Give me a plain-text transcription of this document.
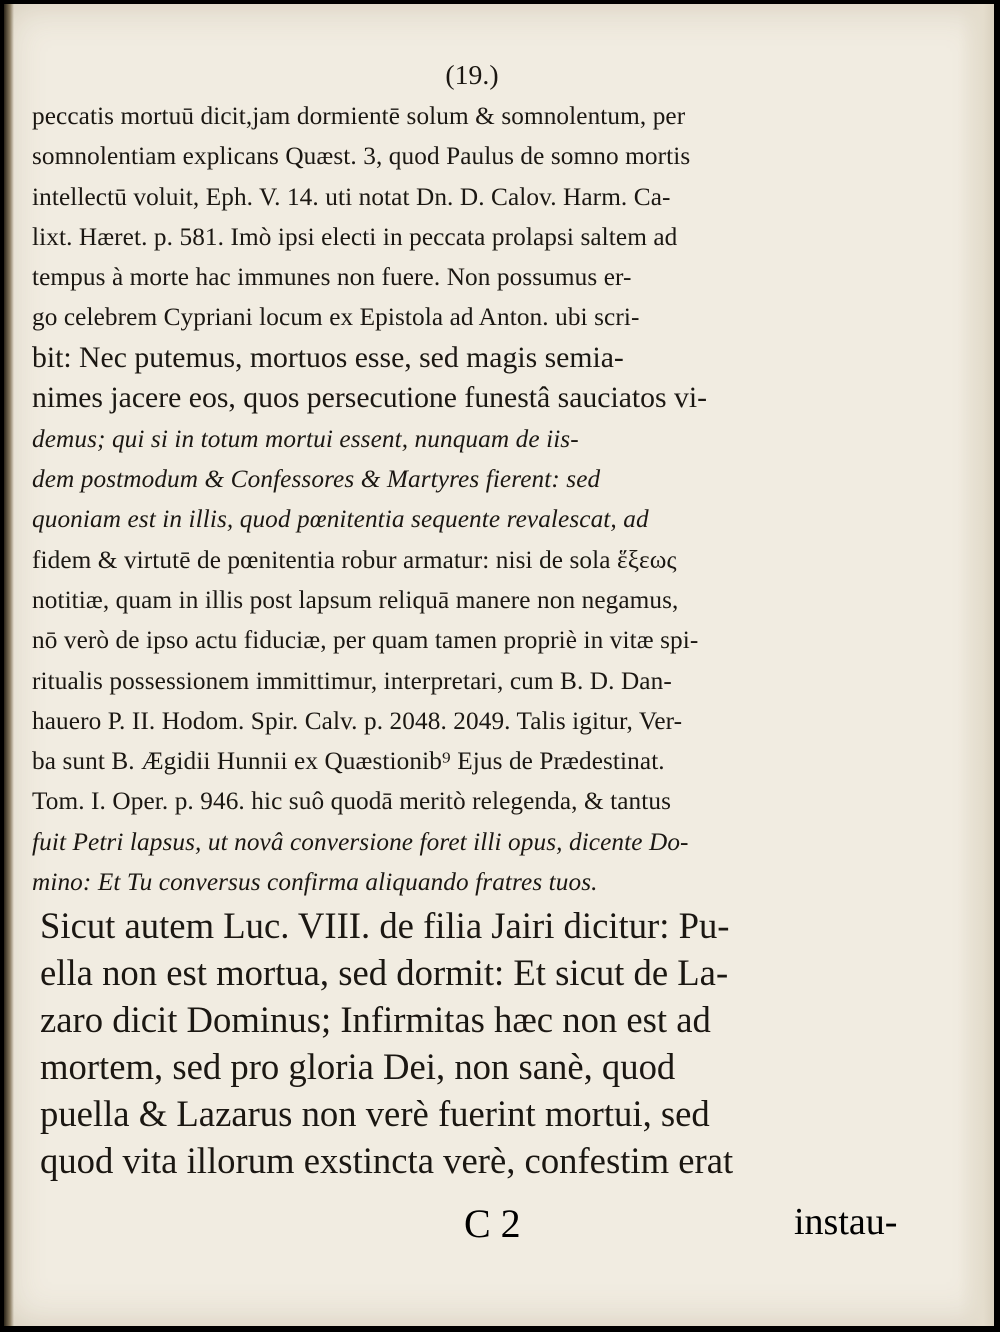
(19.)
peccatis mortuū dicit,jam dormientē solum & somnolentum, per
somnolentiam explicans Quæst. 3, quod Paulus de somno mortis
intellectū voluit, Eph. V. 14. uti notat Dn. D. Calov. Harm. Ca-
lixt. Hæret. p. 581. Imò ipsi electi in peccata prolapsi saltem ad
tempus à morte hac immunes non fuere. Non possumus er-
go celebrem Cypriani locum ex Epistola ad Anton. ubi scri-
bit: Nec putemus, mortuos esse, sed magis semia-
nimes jacere eos, quos persecutione funestâ sauciatos vi-
demus; qui si in totum mortui essent, nunquam de iis-
dem postmodum & Confessores & Martyres fierent: sed
quoniam est in illis, quod pœnitentia sequente revalescat, ad
fidem & virtutē de pœnitentia robur armatur: nisi de sola ἕξεως
notitiæ, quam in illis post lapsum reliquā manere non negamus,
nō verò de ipso actu fiduciæ, per quam tamen propriè in vitæ spi-
ritualis possessionem immittimur, interpretari, cum B. D. Dan-
hauero P. II. Hodom. Spir. Calv. p. 2048. 2049. Talis igitur, Ver-
ba sunt B. Ægidii Hunnii ex Quæstionib⁹ Ejus de Prædestinat.
Tom. I. Oper. p. 946. hic suô quodā meritò relegenda, & tantus
fuit Petri lapsus, ut novâ conversione foret illi opus, dicente Do-
mino: Et Tu conversus confirma aliquando fratres tuos.
Sicut autem Luc. VIII. de filia Jairi dicitur: Pu-
ella non est mortua, sed dormit: Et sicut de La-
zaro dicit Dominus; Infirmitas hæc non est ad
mortem, sed pro gloria Dei, non sanè, quod
puella & Lazarus non verè fuerint mortui, sed
quod vita illorum exstincta verè, confestim erat
C 2	instau-
